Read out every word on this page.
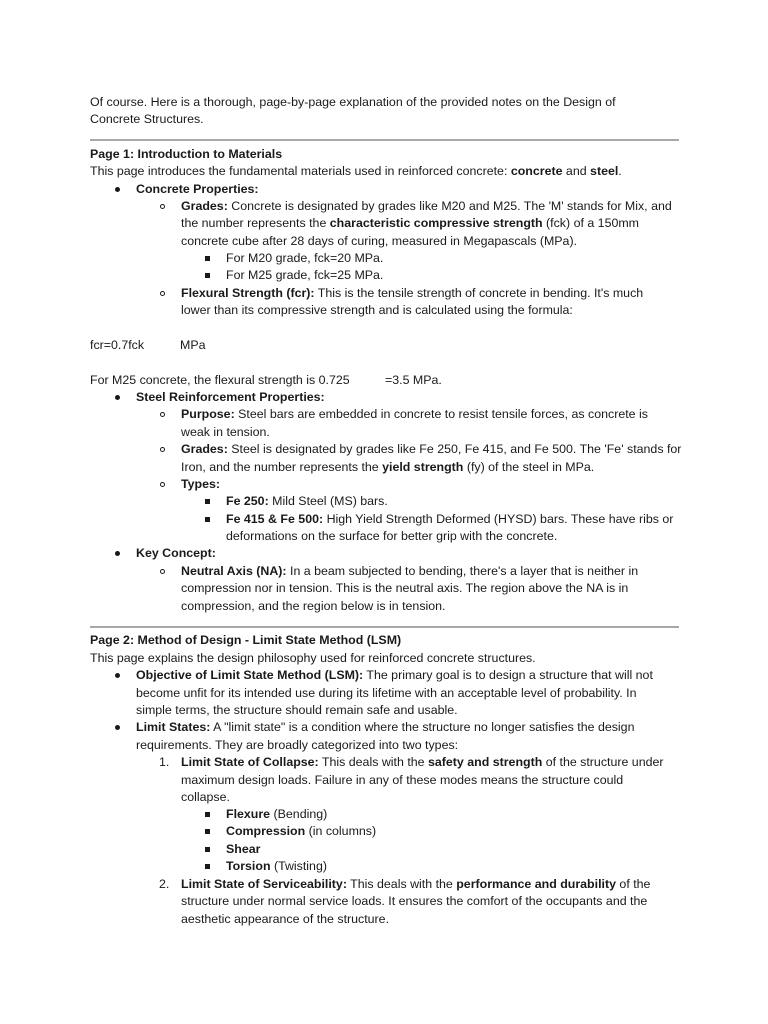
Of course. Here is a thorough, page-by-page explanation of the provided notes on the Design of
Concrete Structures.
Page 1: Introduction to Materials
This page introduces the fundamental materials used in reinforced concrete: concrete and steel.
Concrete Properties:
Grades: Concrete is designated by grades like M20 and M25. The 'M' stands for Mix, and
the number represents the characteristic compressive strength (fck) of a 150mm
concrete cube after 28 days of curing, measured in Megapascals (MPa).
For M20 grade, fck=20 MPa.
For M25 grade, fck=25 MPa.
Flexural Strength (fcr): This is the tensile strength of concrete in bending. It's much
lower than its compressive strength and is calculated using the formula:
fcr=0.7fck	MPa
For M25 concrete, the flexural strength is 0.725	=3.5 MPa.
Steel Reinforcement Properties:
Purpose: Steel bars are embedded in concrete to resist tensile forces, as concrete is
weak in tension.
Grades: Steel is designated by grades like Fe 250, Fe 415, and Fe 500. The 'Fe' stands for
Iron, and the number represents the yield strength (fy) of the steel in MPa.
Types:
Fe 250: Mild Steel (MS) bars.
Fe 415 & Fe 500: High Yield Strength Deformed (HYSD) bars. These have ribs or
deformations on the surface for better grip with the concrete.
Key Concept:
Neutral Axis (NA): In a beam subjected to bending, there's a layer that is neither in
compression nor in tension. This is the neutral axis. The region above the NA is in
compression, and the region below is in tension.
Page 2: Method of Design - Limit State Method (LSM)
This page explains the design philosophy used for reinforced concrete structures.
Objective of Limit State Method (LSM): The primary goal is to design a structure that will not
become unfit for its intended use during its lifetime with an acceptable level of probability. In
simple terms, the structure should remain safe and usable.
Limit States: A "limit state" is a condition where the structure no longer satisfies the design
requirements. They are broadly categorized into two types:
1. Limit State of Collapse: This deals with the safety and strength of the structure under
maximum design loads. Failure in any of these modes means the structure could
collapse.
Flexure (Bending)
Compression (in columns)
Shear
Torsion (Twisting)
2. Limit State of Serviceability: This deals with the performance and durability of the
structure under normal service loads. It ensures the comfort of the occupants and the
aesthetic appearance of the structure.
